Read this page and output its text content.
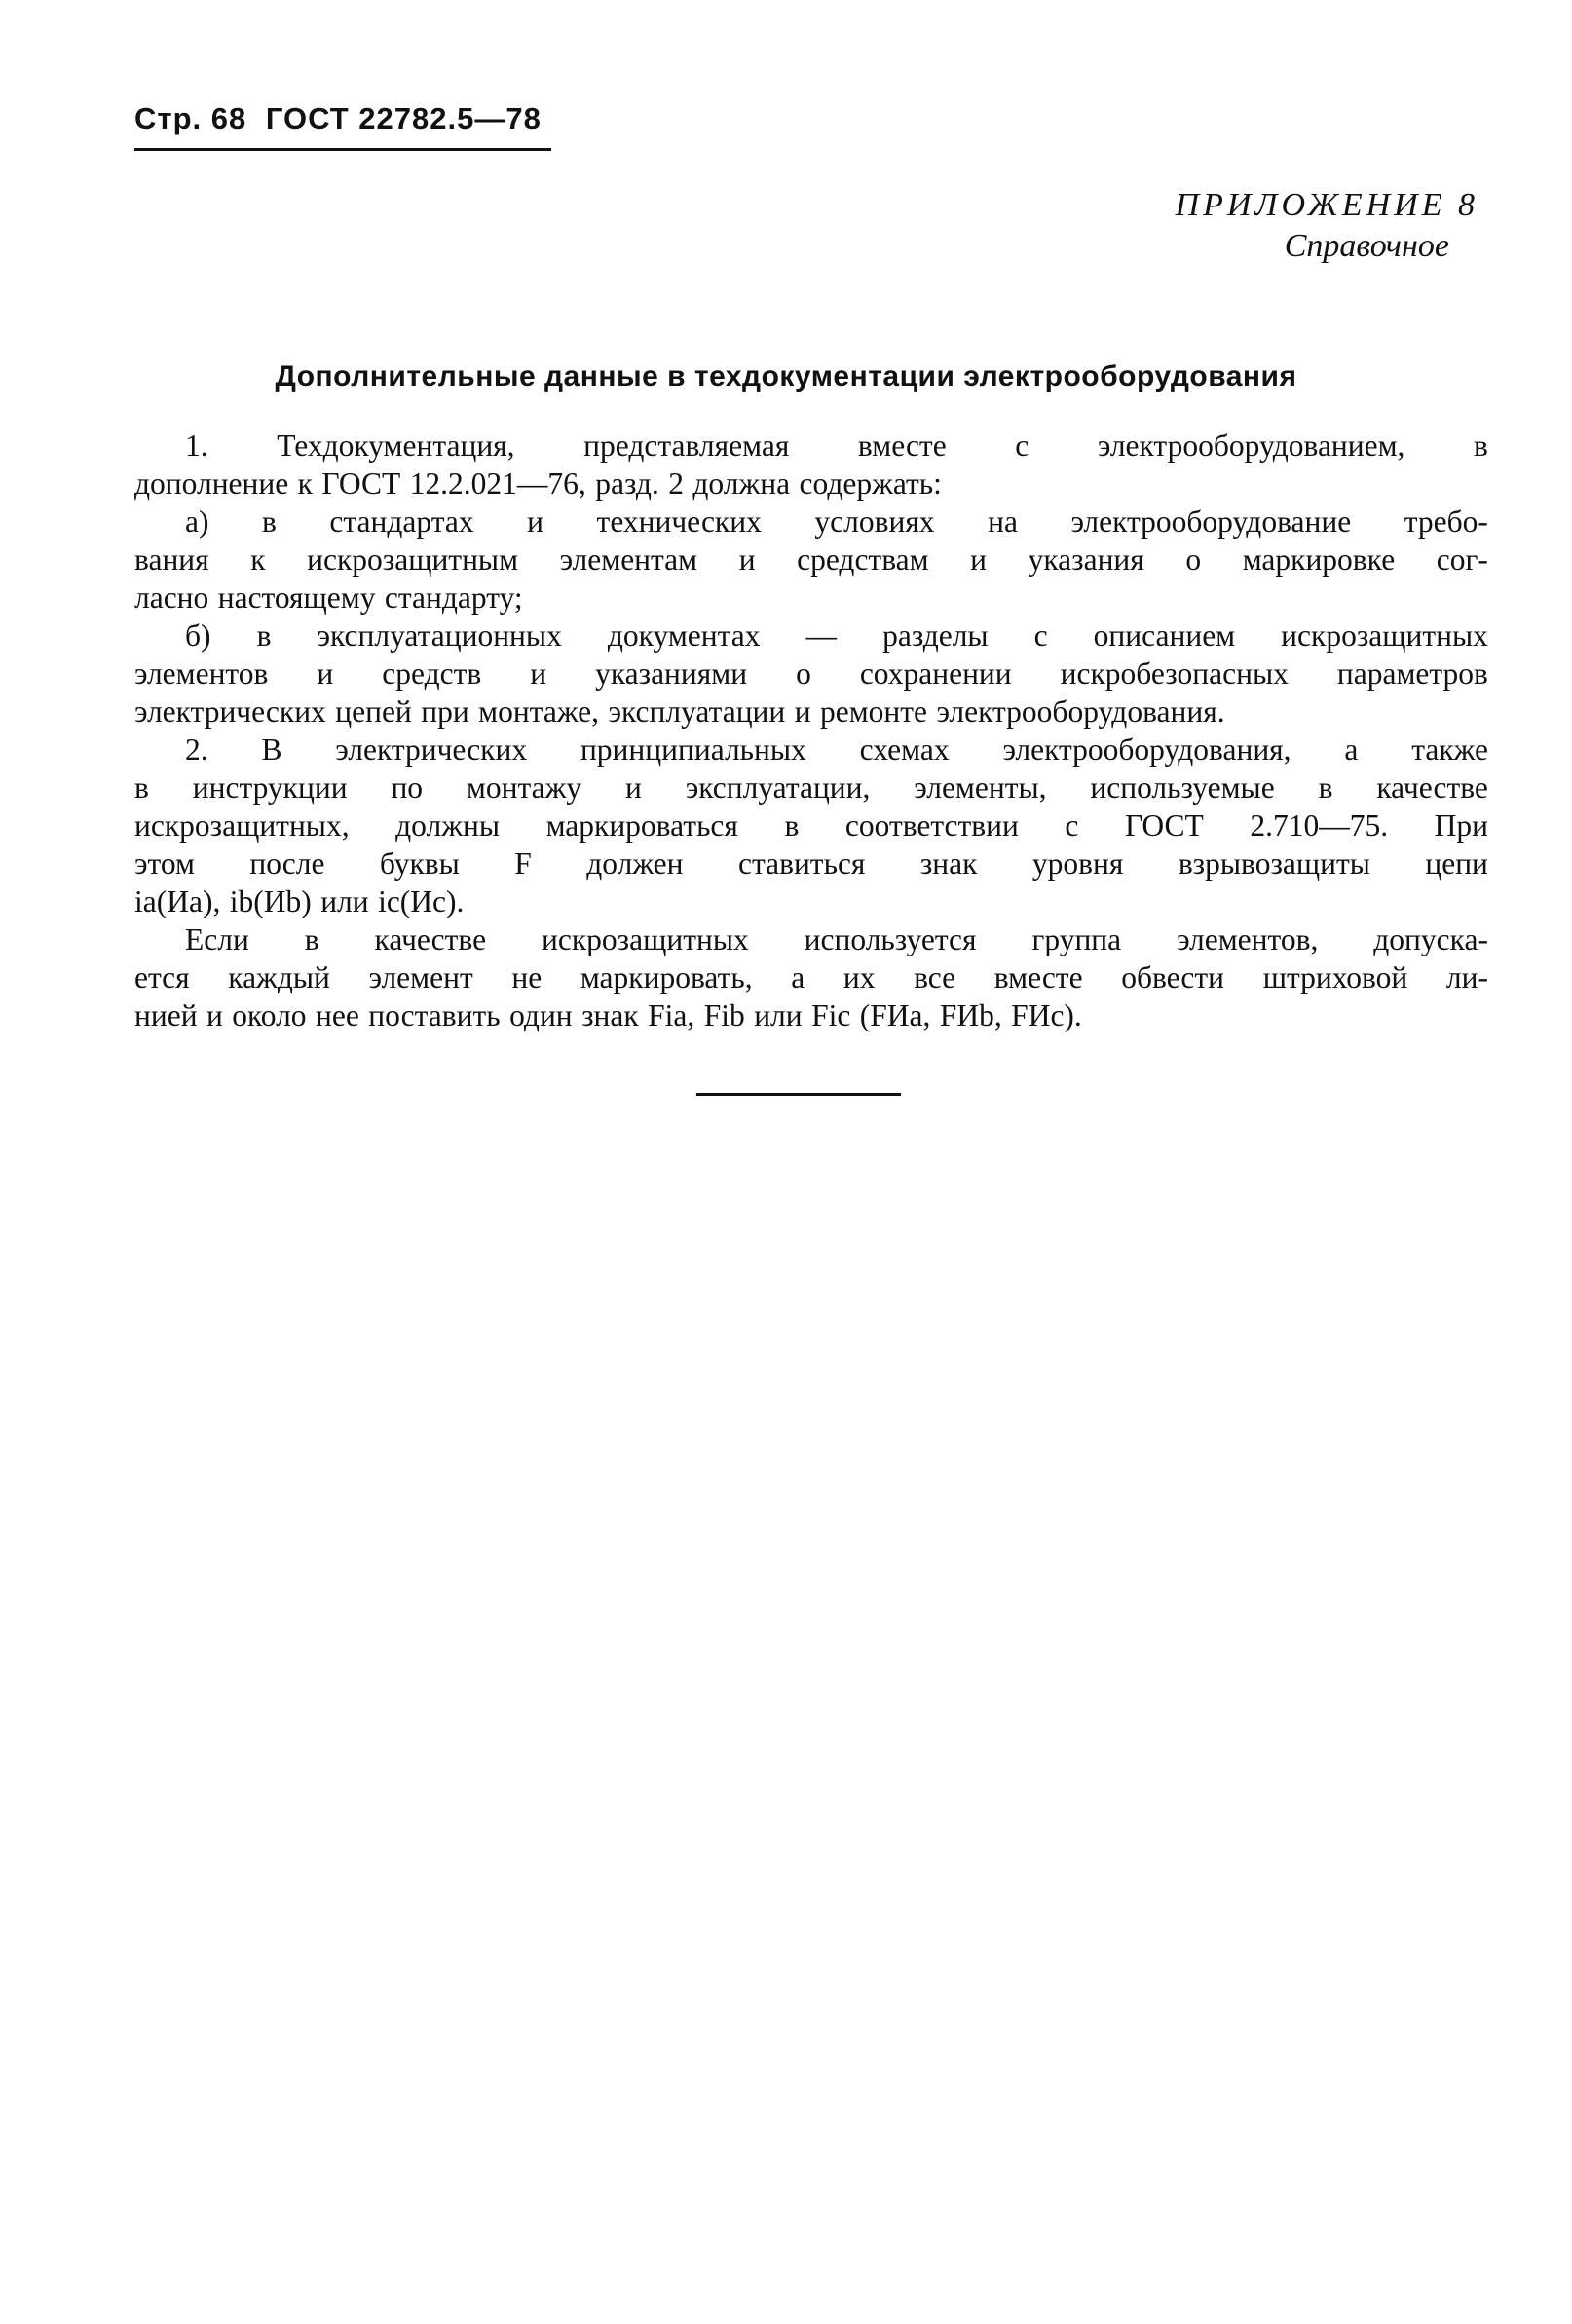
Стр. 68 ГОСТ 22782.5—78
ПРИЛОЖЕНИЕ 8
Справочное
Дополнительные данные в техдокументации электрооборудования
1. Техдокументация, представляемая вместе с электрооборудованием, в
дополнение к ГОСТ 12.2.021—76, разд. 2 должна содержать:
а) в стандартах и технических условиях на электрооборудование требо-
вания к искрозащитным элементам и средствам и указания о маркировке сог-
ласно настоящему стандарту;
б) в эксплуатационных документах — разделы с описанием искрозащитных
элементов и средств и указаниями о сохранении искробезопасных параметров
электрических цепей при монтаже, эксплуатации и ремонте электрооборудования.
2. В электрических принципиальных схемах электрооборудования, а также
в инструкции по монтажу и эксплуатации, элементы, используемые в качестве
искрозащитных, должны маркироваться в соответствии с ГОСТ 2.710—75. При
этом после буквы F должен ставиться знак уровня взрывозащиты цепи
ia(Иа), ib(Иb) или ic(Иc).
Если в качестве искрозащитных используется группа элементов, допуска-
ется каждый элемент не маркировать, а их все вместе обвести штриховой ли-
нией и около нее поставить один знак Fia, Fib или Fic (FИа, FИb, FИc).
